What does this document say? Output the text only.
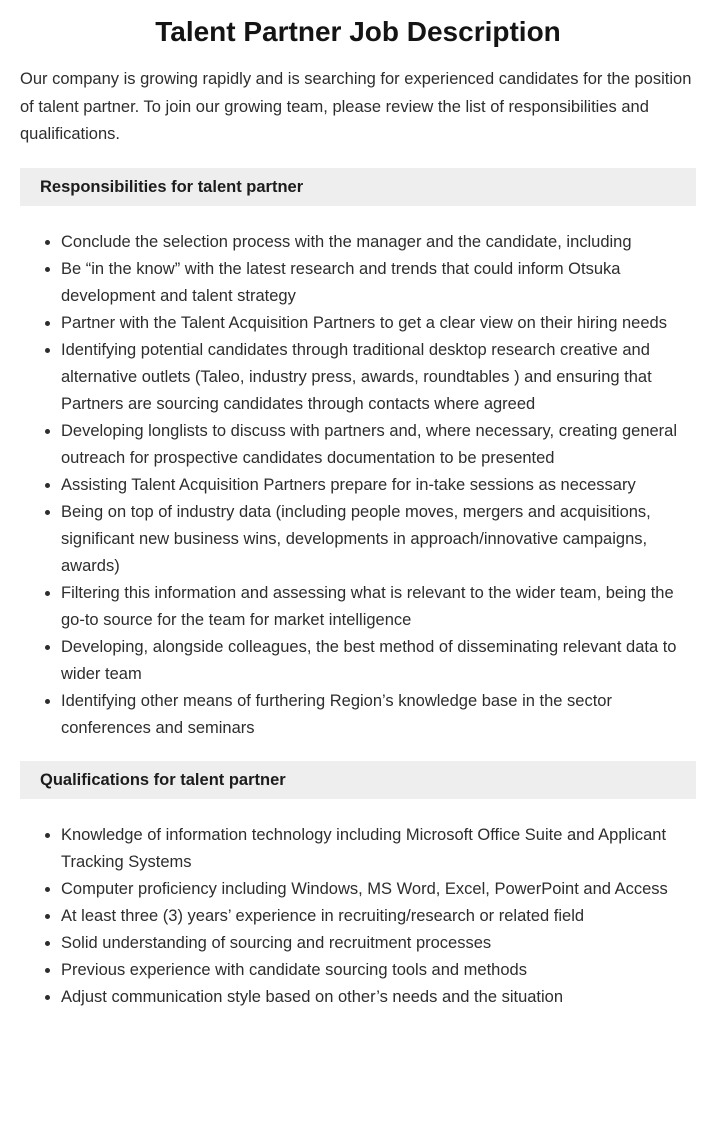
Talent Partner Job Description

Our company is growing rapidly and is searching for experienced candidates for the position of talent partner. To join our growing team, please review the list of responsibilities and qualifications.

Responsibilities for talent partner
• Conclude the selection process with the manager and the candidate, including
• Be “in the know” with the latest research and trends that could inform Otsuka development and talent strategy
• Partner with the Talent Acquisition Partners to get a clear view on their hiring needs
• Identifying potential candidates through traditional desktop research creative and alternative outlets (Taleo, industry press, awards, roundtables ) and ensuring that Partners are sourcing candidates through contacts where agreed
• Developing longlists to discuss with partners and, where necessary, creating general outreach for prospective candidates documentation to be presented
• Assisting Talent Acquisition Partners prepare for in-take sessions as necessary
• Being on top of industry data (including people moves, mergers and acquisitions, significant new business wins, developments in approach/innovative campaigns, awards)
• Filtering this information and assessing what is relevant to the wider team, being the go-to source for the team for market intelligence
• Developing, alongside colleagues, the best method of disseminating relevant data to wider team
• Identifying other means of furthering Region’s knowledge base in the sector conferences and seminars
Qualifications for talent partner
• Knowledge of information technology including Microsoft Office Suite and Applicant Tracking Systems
• Computer proficiency including Windows, MS Word, Excel, PowerPoint and Access
• At least three (3) years’ experience in recruiting/research or related field
• Solid understanding of sourcing and recruitment processes
• Previous experience with candidate sourcing tools and methods
• Adjust communication style based on other’s needs and the situation
